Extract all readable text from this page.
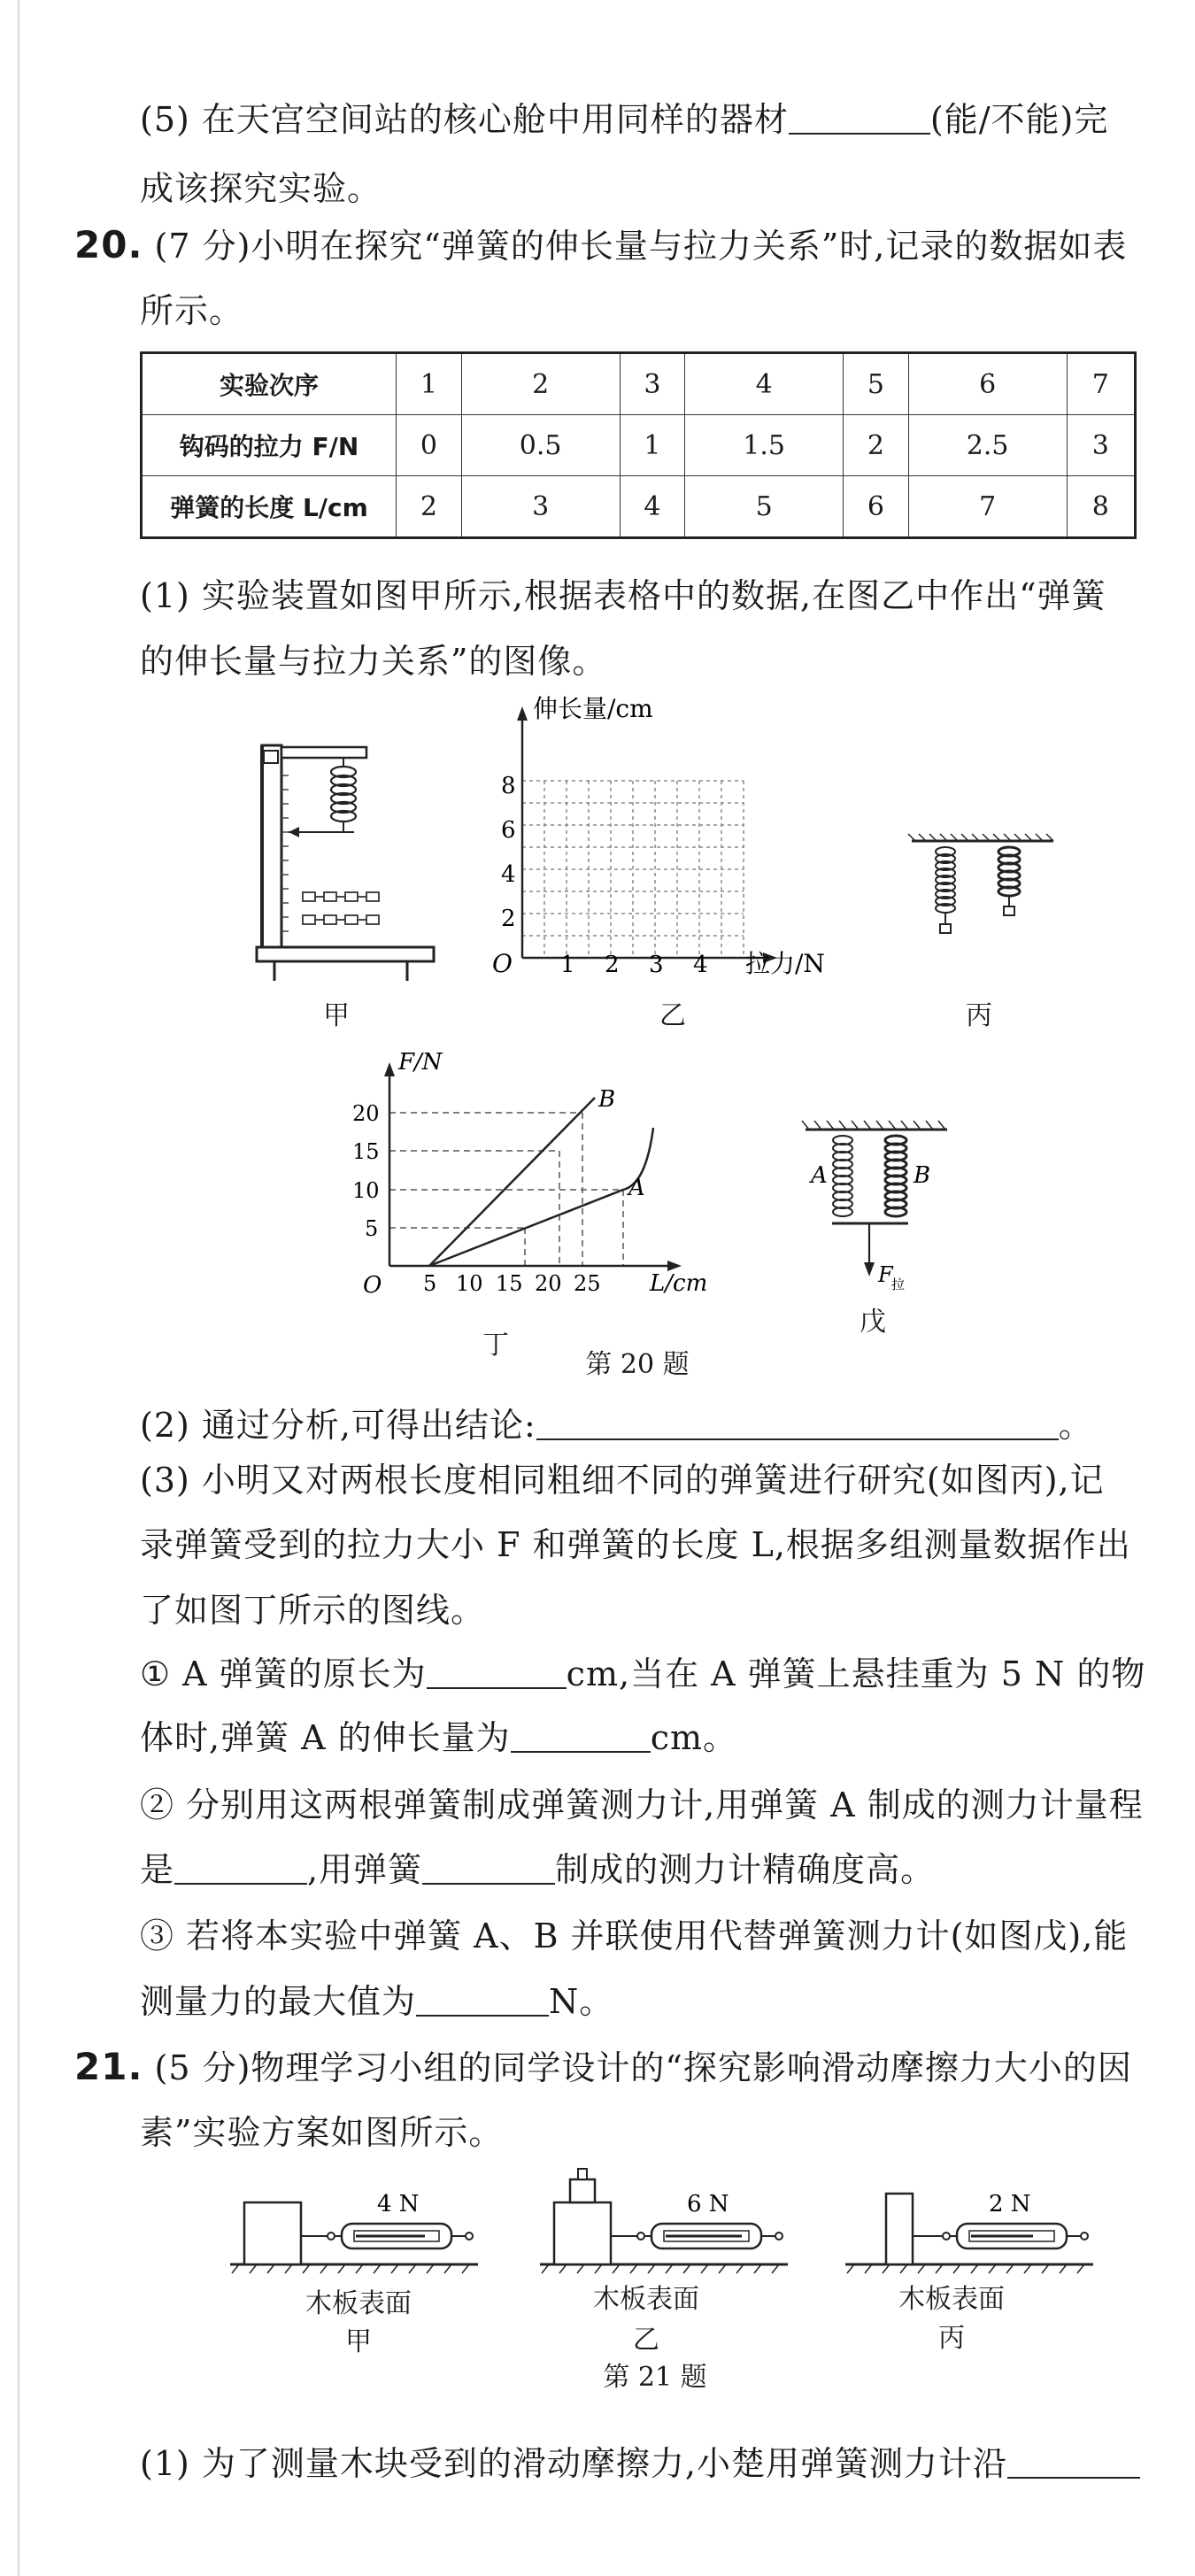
(5) 在天宫空间站的核心舱中用同样的器材	(能/不能)完
成该探究实验。
20. (7 分)小明在探究“弹簧的伸长量与拉力关系”时,记录的数据如表
所示。
实验次序	1	2	3	4	5	6	7
钩码的拉力 F/N	0	0.5	1	1.5	2	2.5	3
弹簧的长度 L/cm	2	3	4	5	6	7	8
(1) 实验装置如图甲所示,根据表格中的数据,在图乙中作出“弹簧
的伸长量与拉力关系”的图像。
甲
伸长量/cm
拉力/N
O
2
4
6
8
1 2 3 4
乙	丙
F/N
L/cm
O
5
10
15
20
5 10 15 20 25
B
A
丁
A	B
F
拉
戊
第 20 题
(2) 通过分析,可得出结论:	。
(3) 小明又对两根长度相同粗细不同的弹簧进行研究(如图丙),记
录弹簧受到的拉力大小 F 和弹簧的长度 L,根据多组测量数据作出
了如图丁所示的图线。
① A 弹簧的原长为	cm,当在 A 弹簧上悬挂重为 5 N 的物
体时,弹簧 A 的伸长量为	cm。
② 分别用这两根弹簧制成弹簧测力计,用弹簧 A 制成的测力计量程
是	,用弹簧	制成的测力计精确度高。
③ 若将本实验中弹簧 A、B 并联使用代替弹簧测力计(如图戊),能
测量力的最大值为	N。
21. (5 分)物理学习小组的同学设计的“探究影响滑动摩擦力大小的因
素”实验方案如图所示。
4 N
木板表面
甲
6 N
木板表面
乙
2 N
木板表面
丙
第 21 题
(1) 为了测量木块受到的滑动摩擦力,小楚用弹簧测力计沿
